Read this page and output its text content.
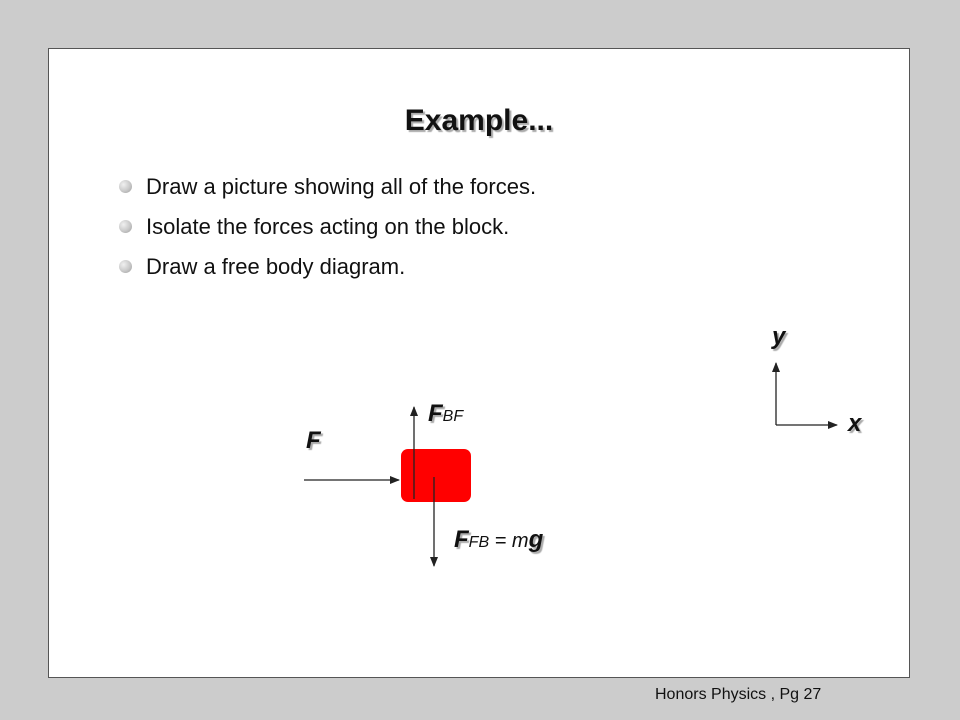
Example...
Draw a picture showing all of the forces.
Isolate the forces acting on the block.
Draw a free body diagram.
F
FBF
FFB = mg
y
x
Honors Physics , Pg 27
